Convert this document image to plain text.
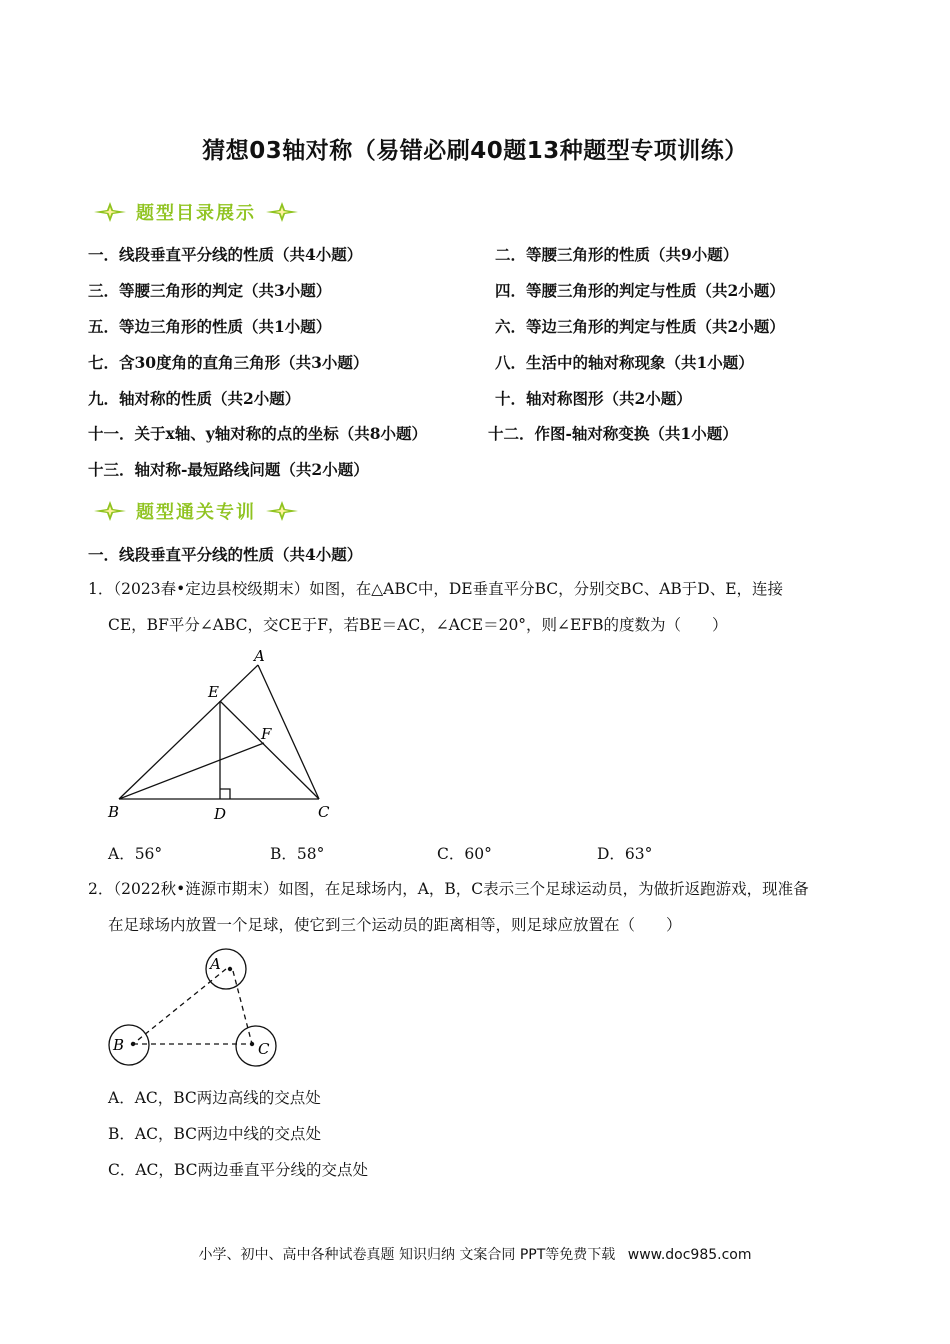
猜想03轴对称（易错必刷40题13种题型专项训练）
题型目录展示
一．线段垂直平分线的性质（共4小题）	二．等腰三角形的性质（共9小题）
三．等腰三角形的判定（共3小题）	四．等腰三角形的判定与性质（共2小题）
五．等边三角形的性质（共1小题）	六．等边三角形的判定与性质（共2小题）
七．含30度角的直角三角形（共3小题）	八．生活中的轴对称现象（共1小题）
九．轴对称的性质（共2小题）	十．轴对称图形（共2小题）
十一．关于x轴、y轴对称的点的坐标（共8小题）	十二．作图-轴对称变换（共1小题）
十三．轴对称-最短路线问题（共2小题）
题型通关专训
一．线段垂直平分线的性质（共4小题）
1．（2023春•定边县校级期末）如图，在△ABC中，DE垂直平分BC，分别交BC、AB于D、E，连接
CE，BF平分∠ABC，交CE于F，若BE＝AC，∠ACE＝20°，则∠EFB的度数为（　　）
A
E
F
B	D	C
A．56°	B．58°	C．60°	D．63°
2．（2022秋•涟源市期末）如图，在足球场内，A，B，C表示三个足球运动员，为做折返跑游戏，现准备
在足球场内放置一个足球，使它到三个运动员的距离相等，则足球应放置在（　　）
A
B	C
A．AC，BC两边高线的交点处
B．AC，BC两边中线的交点处
C．AC，BC两边垂直平分线的交点处
小学、初中、高中各种试卷真题 知识归纳 文案合同 PPT等免费下载 www.doc985.com
